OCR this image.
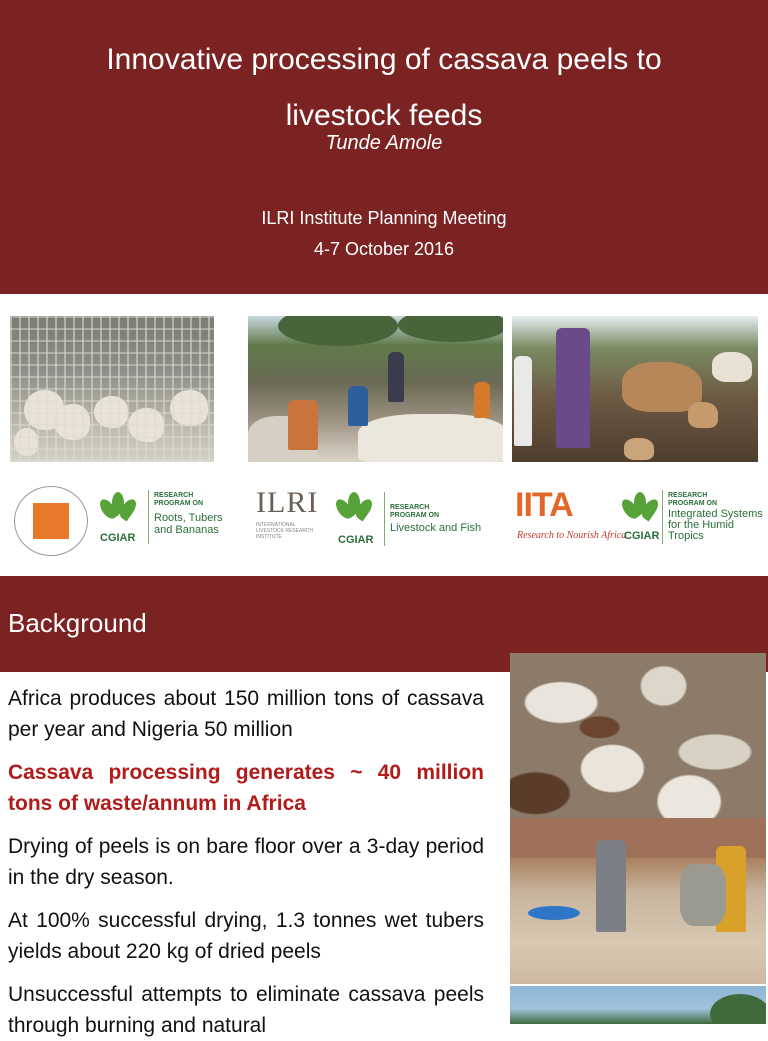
Innovative processing of cassava peels to livestock feeds
Tunde Amole
ILRI Institute Planning Meeting
4-7 October 2016
CGIAR
RESEARCH
PROGRAM ON
Roots, Tubers
and Bananas
ILRI
INTERNATIONAL LIVESTOCK RESEARCH INSTITUTE	CGIAR
RESEARCH
PROGRAM ON
Livestock and Fish
IITA
Research to Nourish Africa
CGIAR
RESEARCH
PROGRAM ON
Integrated Systems
for the Humid
Tropics
Background
Africa produces about 150 million tons of cassava per year and Nigeria 50 million
Cassava processing generates ~ 40 million tons of waste/annum in Africa
Drying of peels is on bare floor over a 3-day period in the dry season.
At 100% successful drying, 1.3 tonnes wet tubers yields about 220 kg of dried peels
Unsuccessful attempts to eliminate cassava peels through burning and natural
